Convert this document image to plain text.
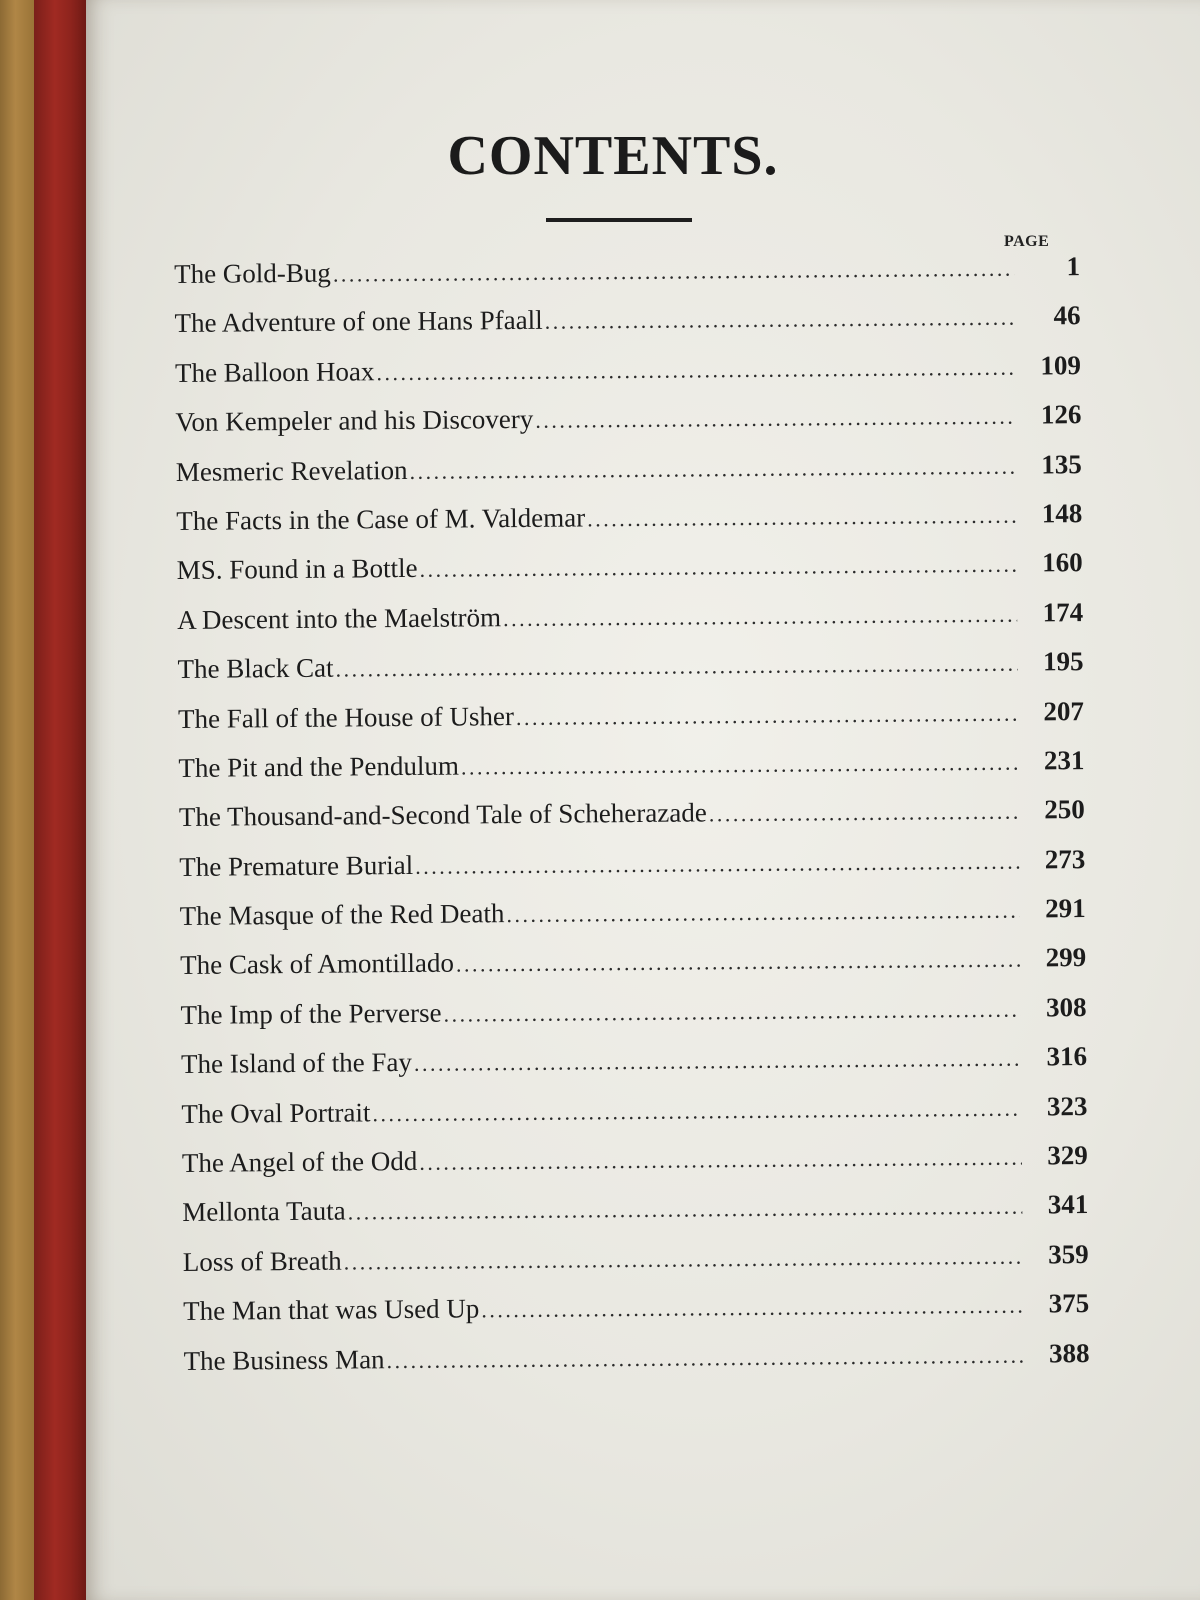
CONTENTS.
PAGE
The Gold-Bug . . .	1
The Adventure of one Hans Pfaall . . .	46
The Balloon Hoax . . .	109
Von Kempeler and his Discovery . . .	126
Mesmeric Revelation . . .	135
The Facts in the Case of M. Valdemar . . .	148
MS. Found in a Bottle . . .	160
A Descent into the Maelström . . .	174
The Black Cat . . .	195
The Fall of the House of Usher . . .	207
The Pit and the Pendulum . . .	231
The Thousand-and-Second Tale of Scheherazade . . .	250
The Premature Burial . . .	273
The Masque of the Red Death . . .	291
The Cask of Amontillado . . .	299
The Imp of the Perverse . . .	308
The Island of the Fay . . .	316
The Oval Portrait . . .	323
The Angel of the Odd . . .	329
Mellonta Tauta . . .	341
Loss of Breath . . .	359
The Man that was Used Up . . .	375
The Business Man . . .	388
